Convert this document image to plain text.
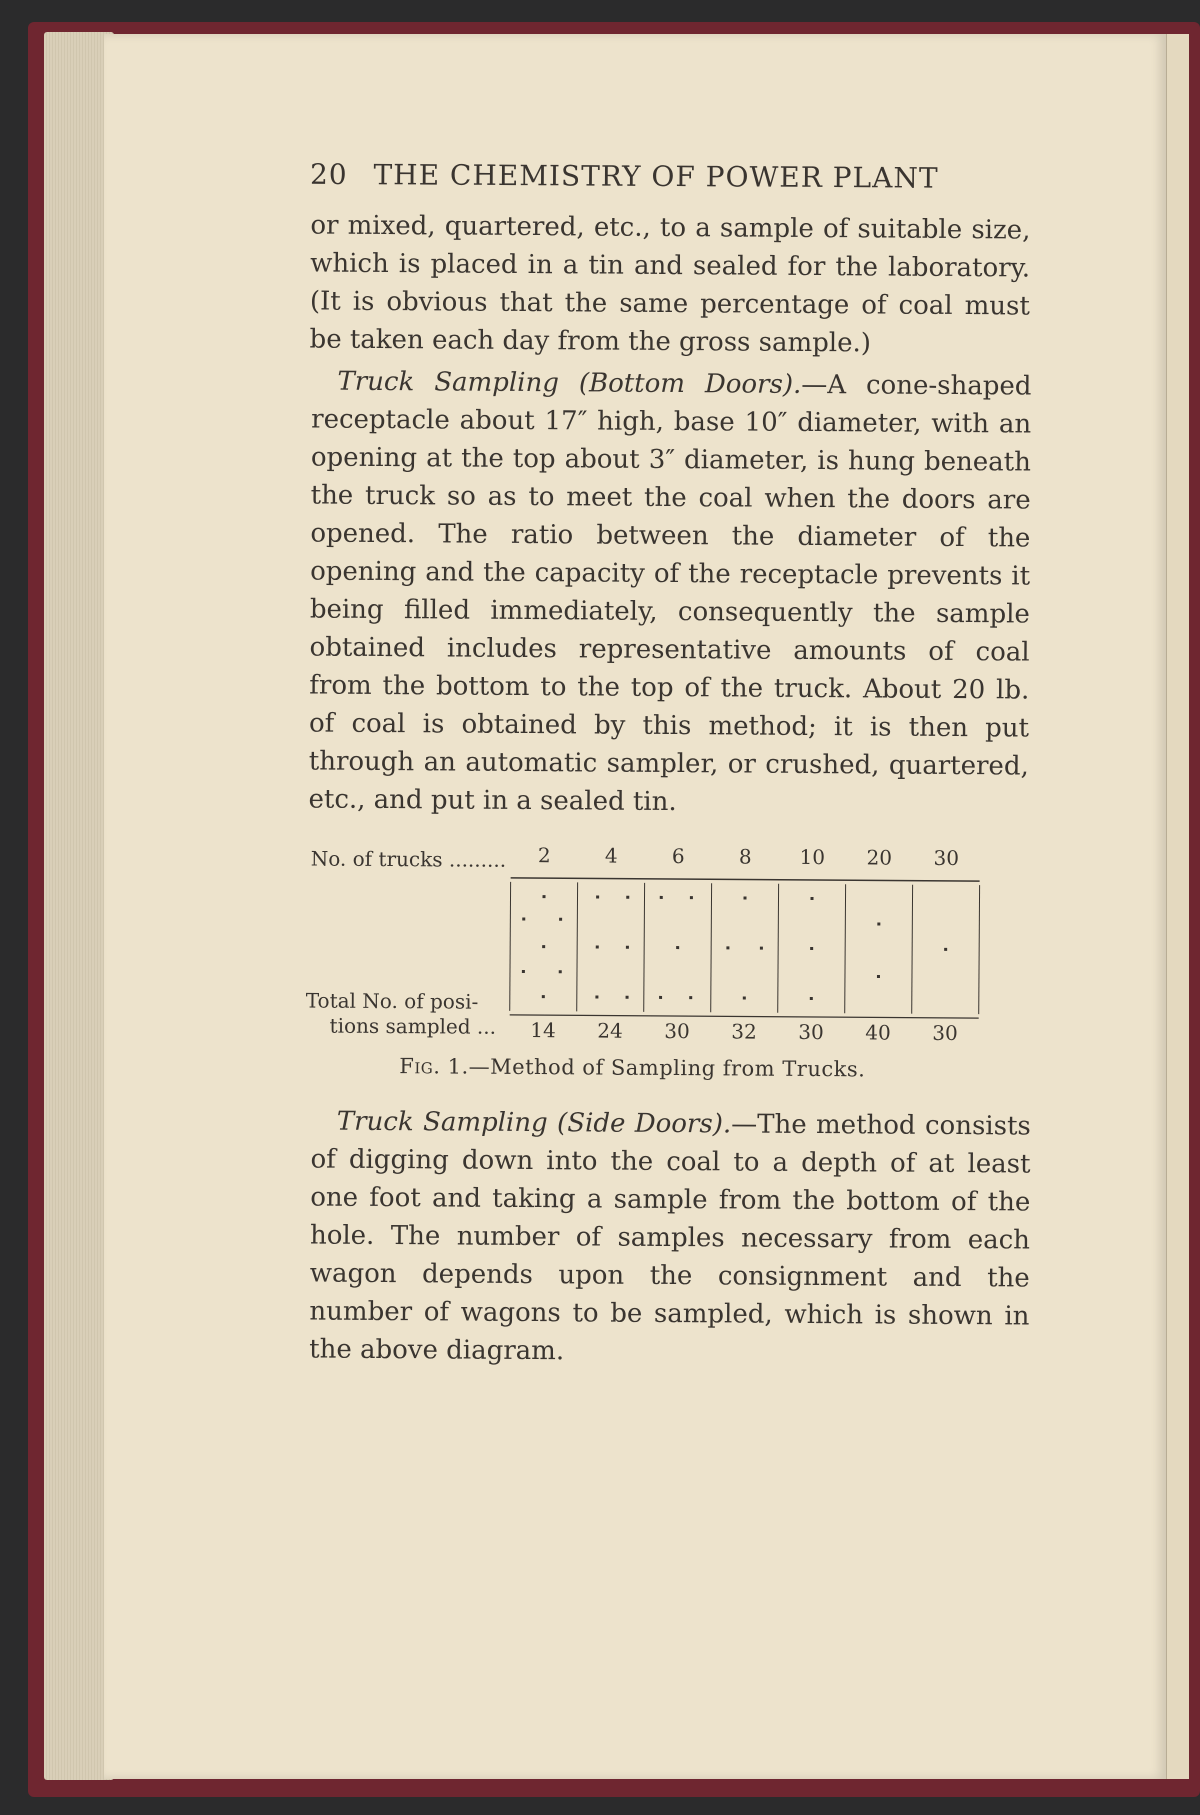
20 THE CHEMISTRY OF POWER PLANT

or mixed, quartered, etc., to a sample of suitable size, which is placed in a tin and sealed for the laboratory. (It is obvious that the same percentage of coal must be taken each day from the gross sample.)

Truck Sampling (Bottom Doors).—A cone-shaped receptacle about 17″ high, base 10″ diameter, with an opening at the top about 3″ diameter, is hung beneath the truck so as to meet the coal when the doors are opened. The ratio between the diameter of the opening and the capacity of the receptacle prevents it being filled immediately, consequently the sample obtained includes representative amounts of coal from the bottom to the top of the truck. About 20 lb. of coal is obtained by this method; it is then put through an automatic sampler, or crushed, quartered, etc., and put in a sealed tin.

No. of trucks .........
Total No. of posi-
tions sampled ...
2
14
4
24
6
30
8
32
10
30
20
40
30
30
Fig. 1.—Method of Sampling from Trucks.

Truck Sampling (Side Doors).—The method consists of digging down into the coal to a depth of at least one foot and taking a sample from the bottom of the hole. The number of samples necessary from each wagon depends upon the consignment and the number of wagons to be sampled, which is shown in the above diagram.
